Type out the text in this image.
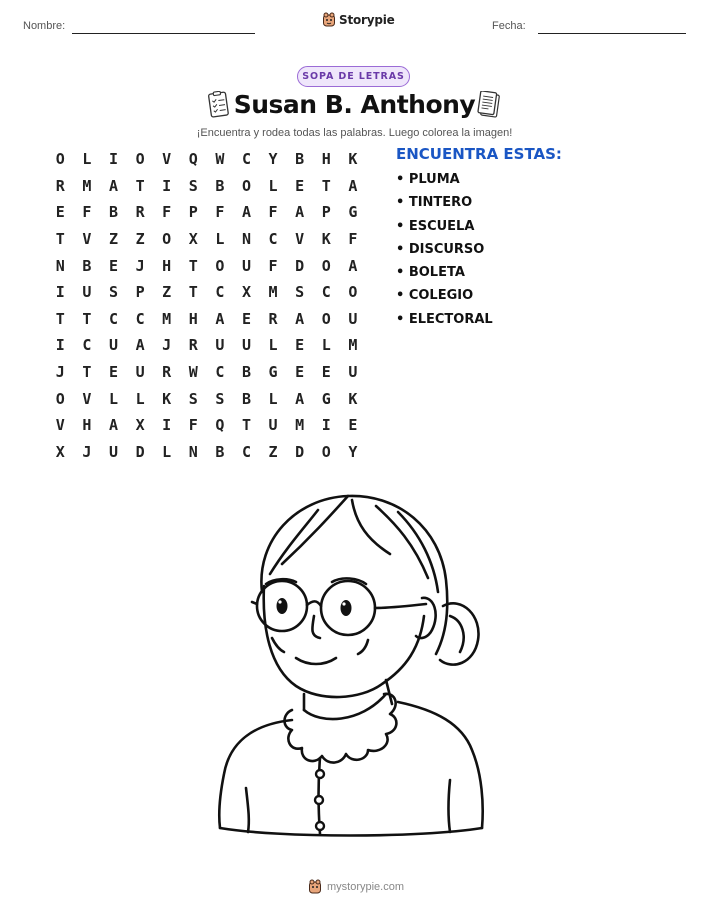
Nombre:	Storypie	Fecha:
SOPA DE LETRAS
Susan B. Anthony
¡Encuentra y rodea todas las palabras. Luego colorea la imagen!
O	L	I	O	V	Q	W	C	Y	B	H	K
R	M	A	T	I	S	B	O	L	E	T	A
E	F	B	R	F	P	F	A	F	A	P	G
T	V	Z	Z	O	X	L	N	C	V	K	F
N	B	E	J	H	T	O	U	F	D	O	A
I	U	S	P	Z	T	C	X	M	S	C	O
T	T	C	C	M	H	A	E	R	A	O	U
I	C	U	A	J	R	U	U	L	E	L	M
J	T	E	U	R	W	C	B	G	E	E	U
O	V	L	L	K	S	S	B	L	A	G	K
V	H	A	X	I	F	Q	T	U	M	I	E
X	J	U	D	L	N	B	C	Z	D	O	Y
ENCUENTRA ESTAS:
• PLUMA
• TINTERO
• ESCUELA
• DISCURSO
• BOLETA
• COLEGIO
• ELECTORAL
mystorypie.com
